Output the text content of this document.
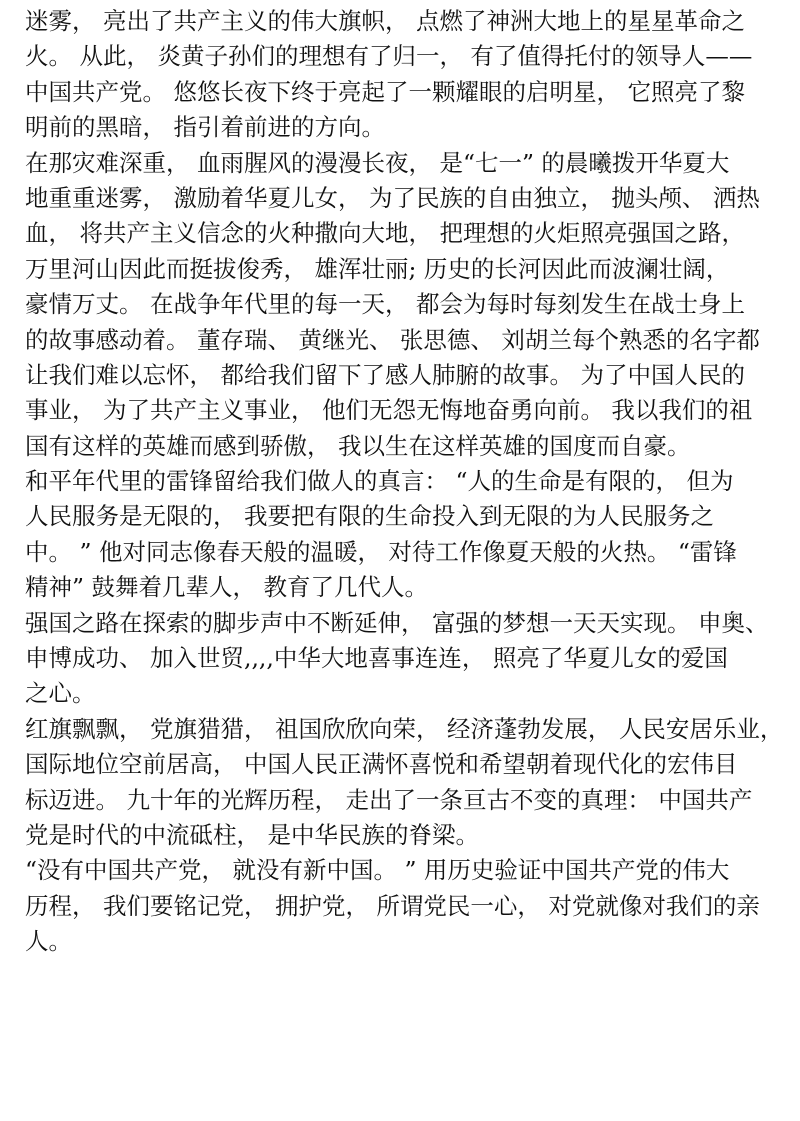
迷雾， 亮出了共产主义的伟大旗帜， 点燃了神洲大地上的星星革命之
火。 从此， 炎黄子孙们的理想有了归一， 有了值得托付的领导人——
中国共产党。 悠悠长夜下终于亮起了一颗耀眼的启明星， 它照亮了黎
明前的黑暗， 指引着前进的方向。
在那灾难深重， 血雨腥风的漫漫长夜， 是“七一” 的晨曦拨开华夏大
地重重迷雾， 激励着华夏儿女， 为了民族的自由独立， 抛头颅、 洒热
血， 将共产主义信念的火种撒向大地， 把理想的火炬照亮强国之路，
万里河山因此而挺拔俊秀， 雄浑壮丽; 历史的长河因此而波澜壮阔，
豪情万丈。 在战争年代里的每一天， 都会为每时每刻发生在战士身上
的故事感动着。 董存瑞、 黄继光、 张思德、 刘胡兰每个熟悉的名字都
让我们难以忘怀， 都给我们留下了感人肺腑的故事。 为了中国人民的
事业， 为了共产主义事业， 他们无怨无悔地奋勇向前。 我以我们的祖
国有这样的英雄而感到骄傲， 我以生在这样英雄的国度而自豪。
和平年代里的雷锋留给我们做人的真言： “人的生命是有限的， 但为
人民服务是无限的， 我要把有限的生命投入到无限的为人民服务之
中。 ” 他对同志像春天般的温暖， 对待工作像夏天般的火热。 “雷锋
精神” 鼓舞着几辈人， 教育了几代人。
强国之路在探索的脚步声中不断延伸， 富强的梦想一天天实现。 申奥、
申博成功、 加入世贸,,,,中华大地喜事连连， 照亮了华夏儿女的爱国
之心。
红旗飘飘， 党旗猎猎， 祖国欣欣向荣， 经济蓬勃发展， 人民安居乐业，
国际地位空前居高， 中国人民正满怀喜悦和希望朝着现代化的宏伟目
标迈进。 九十年的光辉历程， 走出了一条亘古不变的真理： 中国共产
党是时代的中流砥柱， 是中华民族的脊梁。
“没有中国共产党， 就没有新中国。 ” 用历史验证中国共产党的伟大
历程， 我们要铭记党， 拥护党， 所谓党民一心， 对党就像对我们的亲
人。
